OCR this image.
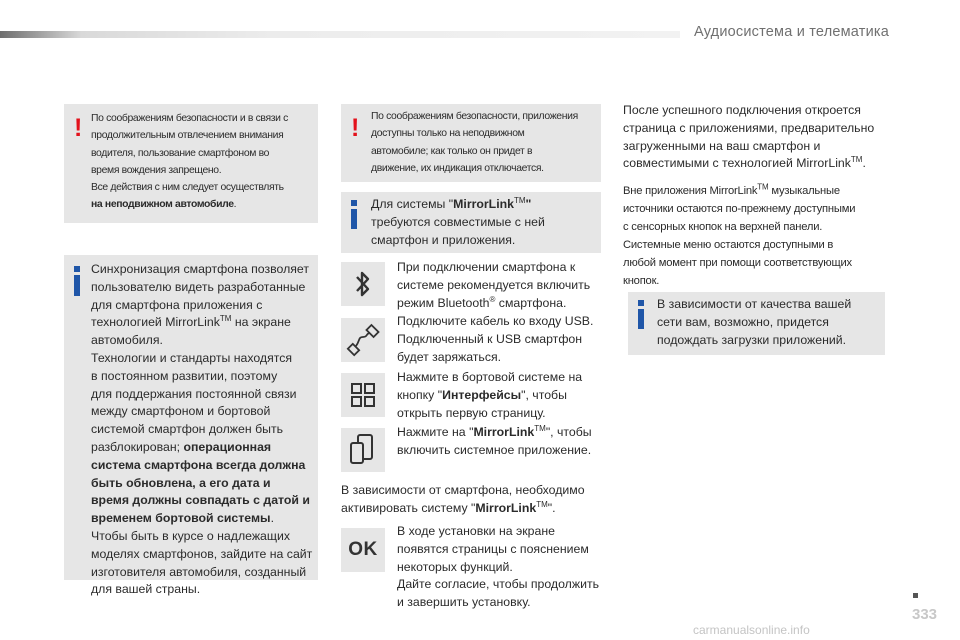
Аудиосистема и телематика
! По соображениям безопасности и в связи с

продолжительным отвлечением внимания

водителя, пользование смартфоном во

время вождения запрещено.

Все действия с ним следует осуществлять

на неподвижном автомобиле.

Синхронизация смартфона позволяет

пользователю видеть разработанные

для смартфона приложения с

технологией MirrorLink™ на экране

автомобиля.

Технологии и стандарты находятся

в постоянном развитии, поэтому

для поддержания постоянной связи

между смартфоном и бортовой

системой смартфон должен быть

разблокирован; операционная

система смартфона всегда должна

быть обновлена, а его дата и

время должны совпадать с датой и

временем бортовой системы.

Чтобы быть в курсе о надлежащих

моделях смартфонов, зайдите на сайт

изготовителя автомобиля, созданный

для вашей страны.

! По соображениям безопасности, приложения

доступны только на неподвижном

автомобиле; как только он придет в

движение, их индикация отключается.

Для системы "MirrorLink™"

требуются совместимые с ней

смартфон и приложения.

При подключении смартфона к

системе рекомендуется включить

режим Bluetooth® смартфона.

Подключите кабель ко входу USB.

Подключенный к USB смартфон

будет заряжаться.

Нажмите в бортовой системе на

кнопку "Интерфейсы", чтобы

открыть первую страницу.

Нажмите на "MirrorLink™", чтобы

включить системное приложение.

В зависимости от смартфона, необходимо

активировать систему "MirrorLink™".

OK

В ходе установки на экране

появятся страницы с пояснением

некоторых функций.

Дайте согласие, чтобы продолжить

и завершить установку.

После успешного подключения откроется

страница с приложениями, предварительно

загруженными на ваш смартфон и

совместимыми с технологией MirrorLink™.

Вне приложения MirrorLink™ музыкальные

источники остаются по-прежнему доступными

с сенсорных кнопок на верхней панели.

Системные меню остаются доступными в

любой момент при помощи соответствующих

кнопок.

В зависимости от качества вашей

сети вам, возможно, придется

подождать загрузки приложений.

333
carmanualsonline.info
